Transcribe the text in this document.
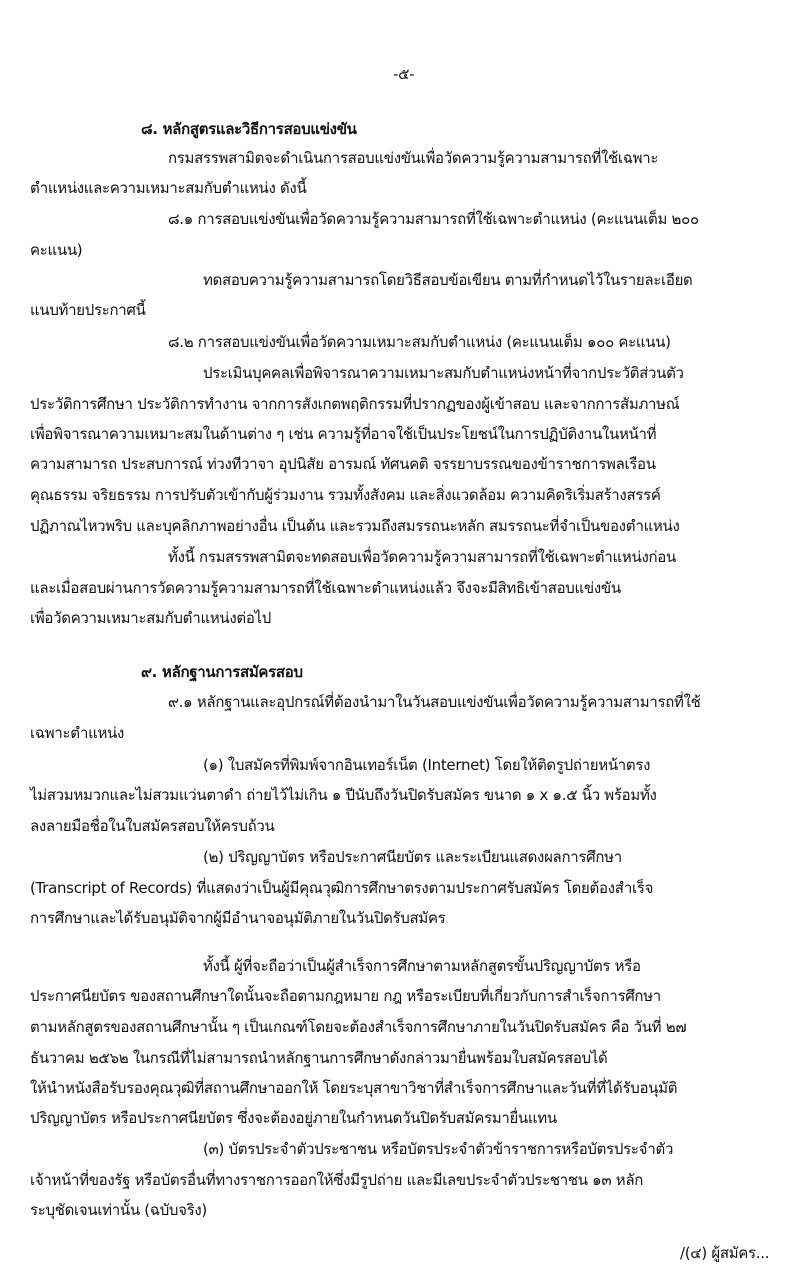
-๕-
๘. หลักสูตรและวิธีการสอบแข่งขัน
กรมสรรพสามิตจะดำเนินการสอบแข่งขันเพื่อวัดความรู้ความสามารถที่ใช้เฉพาะ
ตำแหน่งและความเหมาะสมกับตำแหน่ง ดังนี้
๘.๑ การสอบแข่งขันเพื่อวัดความรู้ความสามารถที่ใช้เฉพาะตำแหน่ง (คะแนนเต็ม ๒๐๐
คะแนน)
ทดสอบความรู้ความสามารถโดยวิธีสอบข้อเขียน ตามที่กำหนดไว้ในรายละเอียด
แนบท้ายประกาศนี้
๘.๒ การสอบแข่งขันเพื่อวัดความเหมาะสมกับตำแหน่ง (คะแนนเต็ม ๑๐๐ คะแนน)
ประเมินบุคคลเพื่อพิจารณาความเหมาะสมกับตำแหน่งหน้าที่จากประวัติส่วนตัว
ประวัติการศึกษา ประวัติการทำงาน จากการสังเกตพฤติกรรมที่ปรากฏของผู้เข้าสอบ และจากการสัมภาษณ์
เพื่อพิจารณาความเหมาะสมในด้านต่าง ๆ เช่น ความรู้ที่อาจใช้เป็นประโยชน์ในการปฏิบัติงานในหน้าที่
ความสามารถ ประสบการณ์ ท่วงทีวาจา อุปนิสัย อารมณ์ ทัศนคติ จรรยาบรรณของข้าราชการพลเรือน
คุณธรรม จริยธรรม การปรับตัวเข้ากับผู้ร่วมงาน รวมทั้งสังคม และสิ่งแวดล้อม ความคิดริเริ่มสร้างสรรค์
ปฏิภาณไหวพริบ และบุคลิกภาพอย่างอื่น เป็นต้น และรวมถึงสมรรถนะหลัก สมรรถนะที่จำเป็นของตำแหน่ง
ทั้งนี้ กรมสรรพสามิตจะทดสอบเพื่อวัดความรู้ความสามารถที่ใช้เฉพาะตำแหน่งก่อน
และเมื่อสอบผ่านการวัดความรู้ความสามารถที่ใช้เฉพาะตำแหน่งแล้ว จึงจะมีสิทธิเข้าสอบแข่งขัน
เพื่อวัดความเหมาะสมกับตำแหน่งต่อไป
๙. หลักฐานการสมัครสอบ
๙.๑ หลักฐานและอุปกรณ์ที่ต้องนำมาในวันสอบแข่งขันเพื่อวัดความรู้ความสามารถที่ใช้
เฉพาะตำแหน่ง
(๑) ใบสมัครที่พิมพ์จากอินเทอร์เน็ต (Internet) โดยให้ติดรูปถ่ายหน้าตรง
ไม่สวมหมวกและไม่สวมแว่นตาดำ ถ่ายไว้ไม่เกิน ๑ ปีนับถึงวันปิดรับสมัคร ขนาด ๑ x ๑.๕ นิ้ว พร้อมทั้ง
ลงลายมือชื่อในใบสมัครสอบให้ครบถ้วน
(๒) ปริญญาบัตร หรือประกาศนียบัตร และระเบียนแสดงผลการศึกษา
(Transcript of Records) ที่แสดงว่าเป็นผู้มีคุณวุฒิการศึกษาตรงตามประกาศรับสมัคร โดยต้องสำเร็จ
การศึกษาและได้รับอนุมัติจากผู้มีอำนาจอนุมัติภายในวันปิดรับสมัคร
ทั้งนี้ ผู้ที่จะถือว่าเป็นผู้สำเร็จการศึกษาตามหลักสูตรขั้นปริญญาบัตร หรือ
ประกาศนียบัตร ของสถานศึกษาใดนั้นจะถือตามกฎหมาย กฎ หรือระเบียบที่เกี่ยวกับการสำเร็จการศึกษา
ตามหลักสูตรของสถานศึกษานั้น ๆ เป็นเกณฑ์โดยจะต้องสำเร็จการศึกษาภายในวันปิดรับสมัคร คือ วันที่ ๒๗
ธันวาคม ๒๕๖๒ ในกรณีที่ไม่สามารถนำหลักฐานการศึกษาดังกล่าวมายื่นพร้อมใบสมัครสอบได้
ให้นำหนังสือรับรองคุณวุฒิที่สถานศึกษาออกให้ โดยระบุสาขาวิชาที่สำเร็จการศึกษาและวันที่ที่ได้รับอนุมัติ
ปริญญาบัตร หรือประกาศนียบัตร ซึ่งจะต้องอยู่ภายในกำหนดวันปิดรับสมัครมายื่นแทน
(๓) บัตรประจำตัวประชาชน หรือบัตรประจำตัวข้าราชการหรือบัตรประจำตัว
เจ้าหน้าที่ของรัฐ หรือบัตรอื่นที่ทางราชการออกให้ซึ่งมีรูปถ่าย และมีเลขประจำตัวประชาชน ๑๓ หลัก
ระบุชัดเจนเท่านั้น (ฉบับจริง)
/(๔) ผู้สมัคร...
